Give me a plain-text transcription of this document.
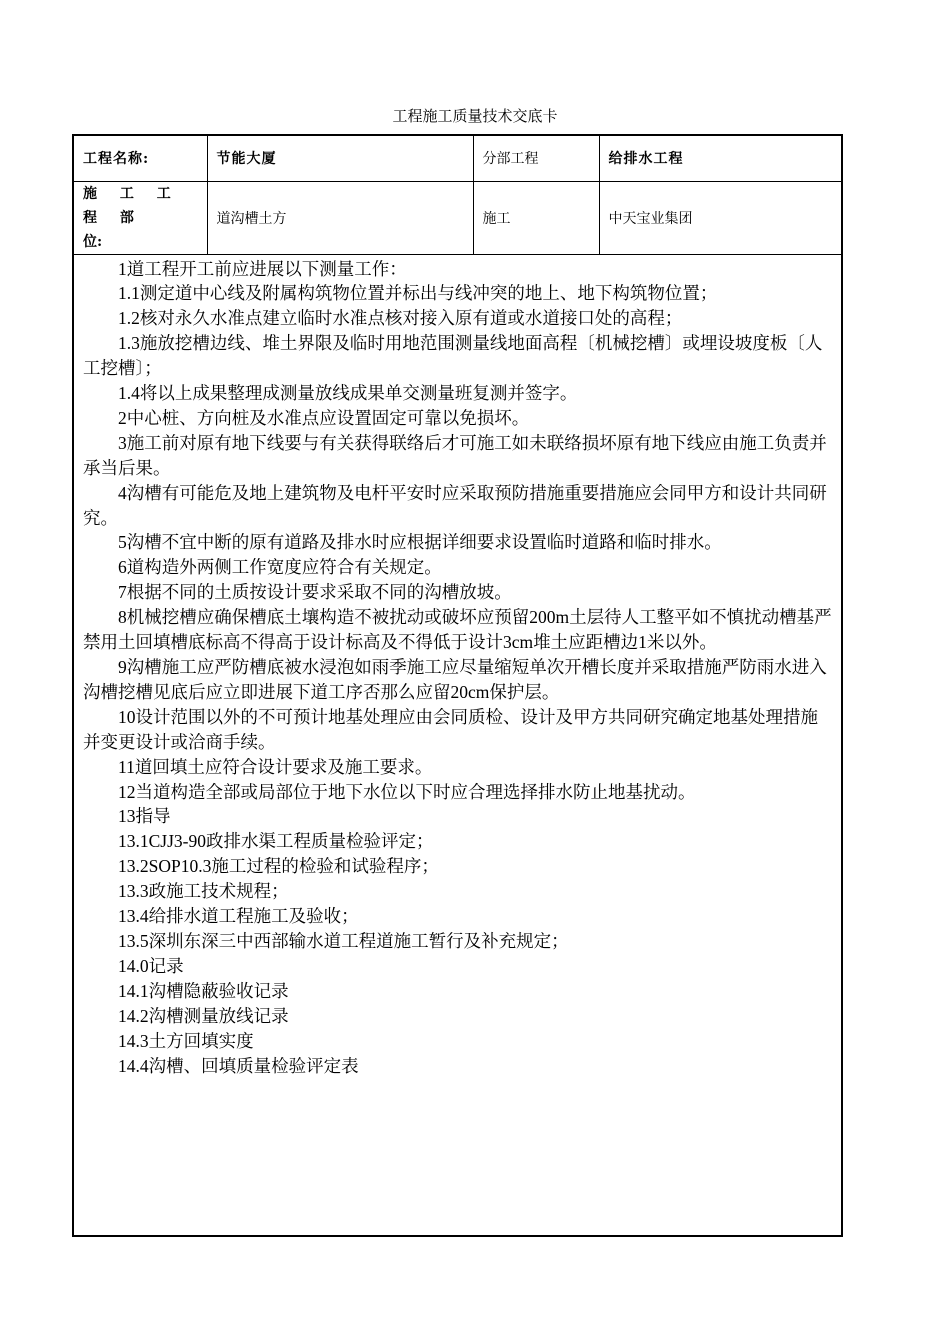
工程施工质量技术交底卡
工程名称:	节能大厦	分部工程	给排水工程

施 工 工 程 部
位:	道沟槽土方	施工	中天宝业集团

1道工程开工前应进展以下测量工作：

1.1测定道中心线及附属构筑物位置并标出与线冲突的地上、地下构筑物位置；

1.2核对永久水准点建立临时水准点核对接入原有道或水道接口处的高程；

1.3施放挖槽边线、堆土界限及临时用地范围测量线地面高程〔机械挖槽〕或埋设坡度板〔人工挖槽〕；

1.4将以上成果整理成测量放线成果单交测量班复测并签字。

2中心桩、方向桩及水准点应设置固定可靠以免损坏。

3施工前对原有地下线要与有关获得联络后才可施工如未联络损坏原有地下线应由施工负责并承当后果。

4沟槽有可能危及地上建筑物及电杆平安时应采取预防措施重要措施应会同甲方和设计共同研究。

5沟槽不宜中断的原有道路及排水时应根据详细要求设置临时道路和临时排水。

6道构造外两侧工作宽度应符合有关规定。

7根据不同的土质按设计要求采取不同的沟槽放坡。

8机械挖槽应确保槽底土壤构造不被扰动或破坏应预留200m土层待人工整平如不慎扰动槽基严禁用土回填槽底标高不得高于设计标高及不得低于设计3cm堆土应距槽边1米以外。

9沟槽施工应严防槽底被水浸泡如雨季施工应尽量缩短单次开槽长度并采取措施严防雨水进入沟槽挖槽见底后应立即进展下道工序否那么应留20cm保护层。

10设计范围以外的不可预计地基处理应由会同质检、设计及甲方共同研究确定地基处理措施并变更设计或洽商手续。

11道回填土应符合设计要求及施工要求。

12当道构造全部或局部位于地下水位以下时应合理选择排水防止地基扰动。

13指导

13.1CJJ3-90政排水渠工程质量检验评定；

13.2SOP10.3施工过程的检验和试验程序；

13.3政施工技术规程；

13.4给排水道工程施工及验收；

13.5深圳东深三中西部输水道工程道施工暂行及补充规定；

14.0记录

14.1沟槽隐蔽验收记录

14.2沟槽测量放线记录

14.3土方回填实度

14.4沟槽、回填质量检验评定表
